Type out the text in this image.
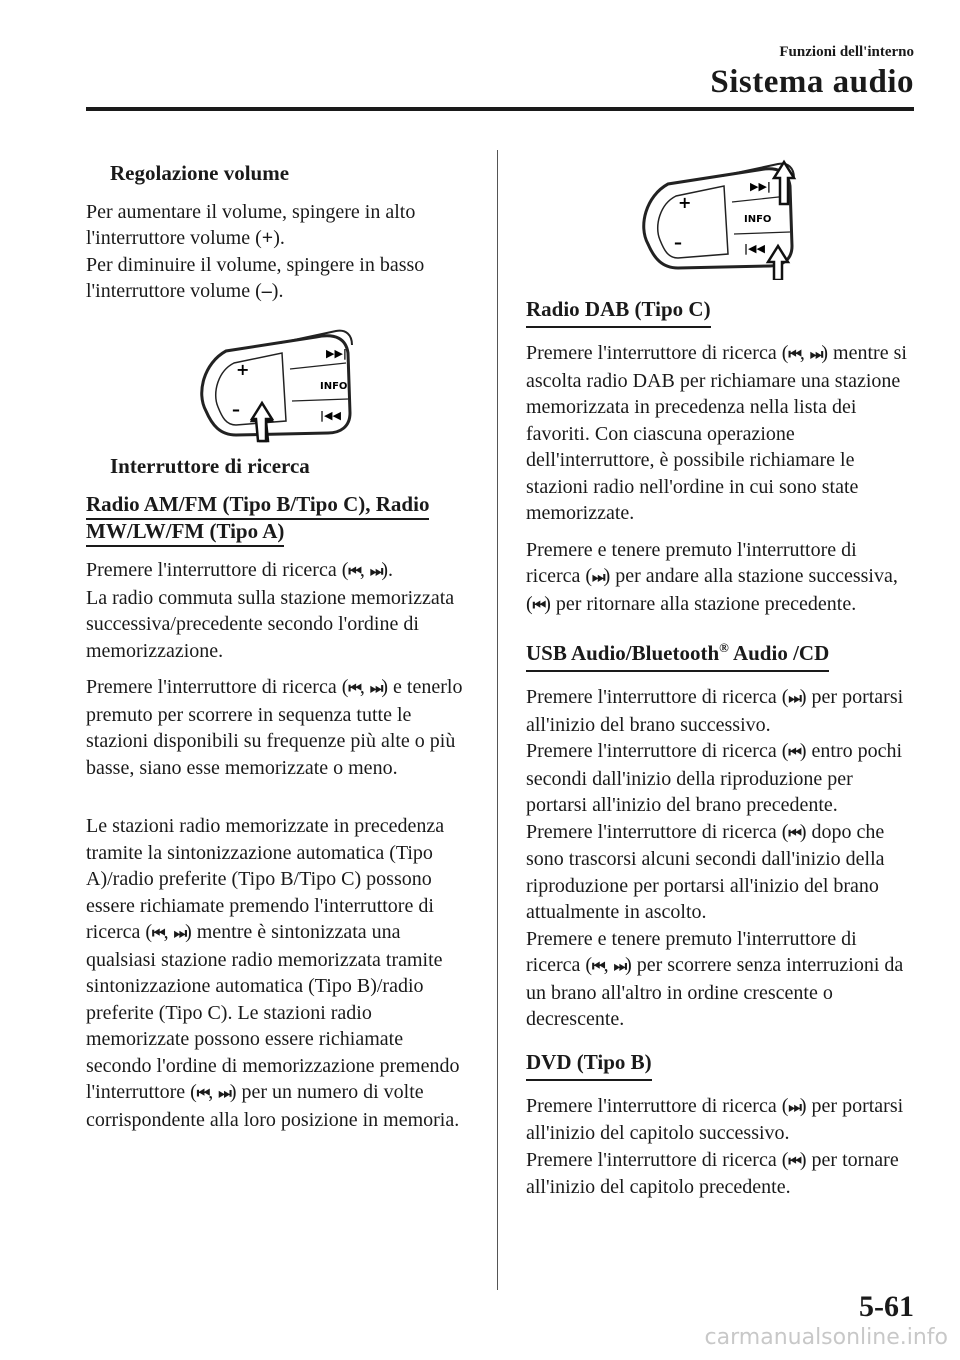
Funzioni dell'interno
Sistema audio
Regolazione volume

Per aumentare il volume, spingere in alto l'interruttore volume (+).
Per diminuire il volume, spingere in basso l'interruttore volume (–).

▶▶|
INFO
|◀◀
+
–
Interruttore di ricerca
Radio AM/FM (Tipo B/Tipo C), Radio
MW/LW/FM (Tipo A)

Premere l'interruttore di ricerca (⏮, ⏭).
La radio commuta sulla stazione memorizzata successiva/precedente secondo l'ordine di memorizzazione.

Premere l'interruttore di ricerca (⏮, ⏭) e tenerlo premuto per scorrere in sequenza tutte le stazioni disponibili su frequenze più alte o più basse, siano esse memorizzate o meno.

Le stazioni radio memorizzate in precedenza tramite la sintonizzazione automatica (Tipo A)/radio preferite (Tipo B/Tipo C) possono essere richiamate premendo l'interruttore di ricerca (⏮, ⏭) mentre è sintonizzata una qualsiasi stazione radio memorizzata tramite sintonizzazione automatica (Tipo B)/radio preferite (Tipo C). Le stazioni radio memorizzate possono essere richiamate secondo l'ordine di memorizzazione premendo l'interruttore (⏮, ⏭) per un numero di volte corrispondente alla loro posizione in memoria.

▶▶|
INFO
|◀◀
+
–
Radio DAB (Tipo C)

Premere l'interruttore di ricerca (⏮, ⏭) mentre si ascolta radio DAB per richiamare una stazione memorizzata in precedenza nella lista dei favoriti. Con ciascuna operazione dell'interruttore, è possibile richiamare le stazioni radio nell'ordine in cui sono state memorizzate.

Premere e tenere premuto l'interruttore di ricerca (⏭) per andare alla stazione successiva, (⏮) per ritornare alla stazione precedente.

USB Audio/Bluetooth® Audio /CD

Premere l'interruttore di ricerca (⏭) per portarsi all'inizio del brano successivo.
Premere l'interruttore di ricerca (⏮) entro pochi secondi dall'inizio della riproduzione per portarsi all'inizio del brano precedente.
Premere l'interruttore di ricerca (⏮) dopo che sono trascorsi alcuni secondi dall'inizio della riproduzione per portarsi all'inizio del brano attualmente in ascolto.
Premere e tenere premuto l'interruttore di ricerca (⏮, ⏭) per scorrere senza interruzioni da un brano all'altro in ordine crescente o decrescente.

DVD (Tipo B)

Premere l'interruttore di ricerca (⏭) per portarsi all'inizio del capitolo successivo.
Premere l'interruttore di ricerca (⏮) per tornare all'inizio del capitolo precedente.

5-61
carmanualsonline.info
